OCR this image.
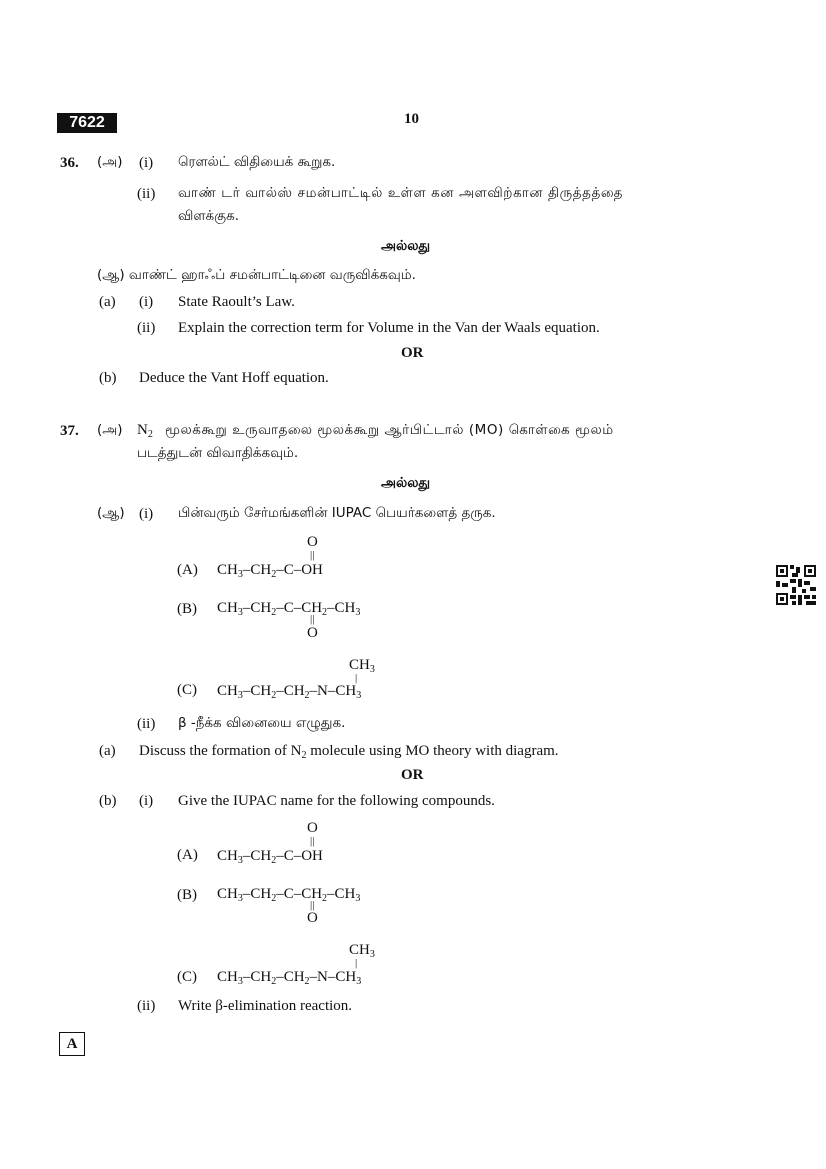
7622	10
36. (அ) (i) ரௌல்ட் விதியைக் கூறுக.
(ii) வாண் டர் வால்ஸ் சமன்பாட்டில் உள்ள கன அளவிற்கான திருத்தத்தை
விளக்குக.
அல்லது
(ஆ) வாண்ட் ஹாஃப் சமன்பாட்டினை வருவிக்கவும்.
(a) (i) State Raoult’s Law.
(ii) Explain the correction term for Volume in the Van der Waals equation.
OR
(b) Deduce the Vant Hoff equation.
37. (அ) $N_2$ மூலக்கூறு உருவாதலை மூலக்கூறு ஆர்பிட்டால் (MO) கொள்கை மூலம்
படத்துடன் விவாதிக்கவும்.
அல்லது
(ஆ) (i) பின்வரும் சேர்மங்களின் IUPAC பெயர்களைத் தருக.
O
||
(A) $CH_3-CH_2-C-OH$
(B) $CH_3-CH_2-C-CH_2-CH_3$
||
O
$CH_3$
|
(C) $CH_3-CH_2-CH_2-N-CH_3$
(ii) β -நீக்க வினையை எழுதுக.
(a) Discuss the formation of $N_2$ molecule using MO theory with diagram.
OR
(b) (i) Give the IUPAC name for the following compounds.
O
||
(A) $CH_3-CH_2-C-OH$
(B) $CH_3-CH_2-C-CH_2-CH_3$
||
O
$CH_3$
|
(C) $CH_3-CH_2-CH_2-N-CH_3$
(ii) Write β-elimination reaction.
A
